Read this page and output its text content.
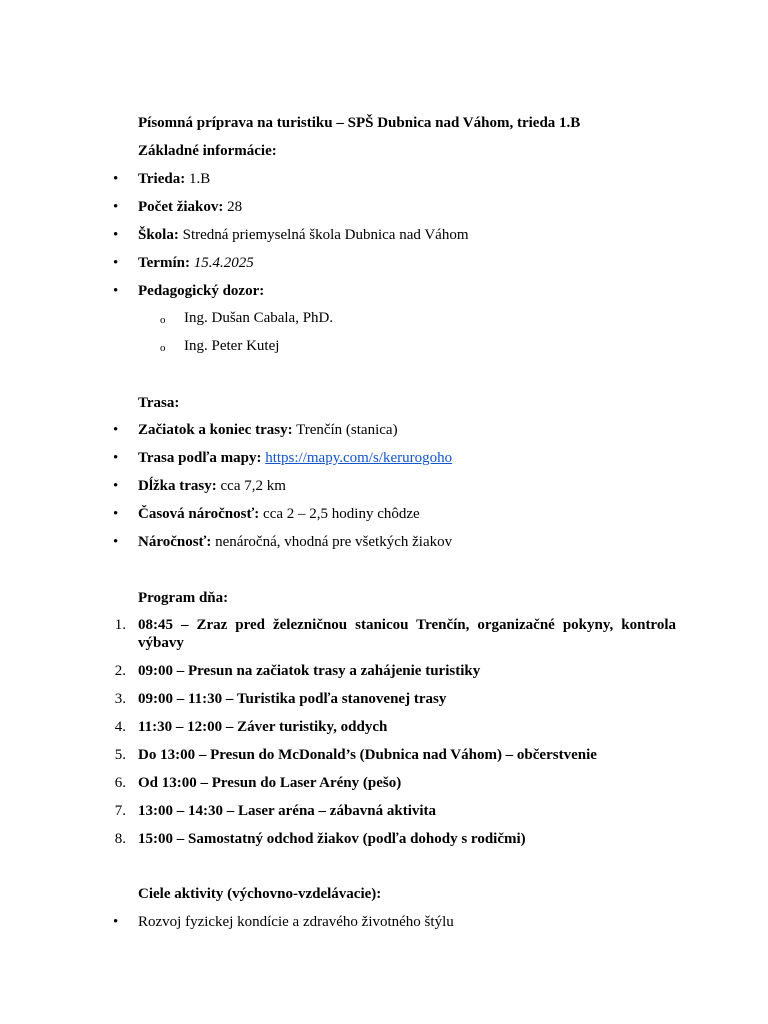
Písomná príprava na turistiku – SPŠ Dubnica nad Váhom, trieda 1.B
Základné informácie:
• Trieda: 1.B
• Počet žiakov: 28
• Škola: Stredná priemyselná škola Dubnica nad Váhom
• Termín: 15.4.2025
• Pedagogický dozor:
o Ing. Dušan Cabala, PhD.
o Ing. Peter Kutej
Trasa:
• Začiatok a koniec trasy: Trenčín (stanica)
• Trasa podľa mapy: https://mapy.com/s/kerurogoho
• Dĺžka trasy: cca 7,2 km
• Časová náročnosť: cca 2 – 2,5 hodiny chôdze
• Náročnosť: nenáročná, vhodná pre všetkých žiakov
Program dňa:
1. 08:45 – Zraz pred železničnou stanicou Trenčín, organizačné pokyny, kontrola výbavy
2. 09:00 – Presun na začiatok trasy a zahájenie turistiky
3. 09:00 – 11:30 – Turistika podľa stanovenej trasy
4. 11:30 – 12:00 – Záver turistiky, oddych
5. Do 13:00 – Presun do McDonald’s (Dubnica nad Váhom) – občerstvenie
6. Od 13:00 – Presun do Laser Arény (pešo)
7. 13:00 – 14:30 – Laser aréna – zábavná aktivita
8. 15:00 – Samostatný odchod žiakov (podľa dohody s rodičmi)
Ciele aktivity (výchovno-vzdelávacie):
• Rozvoj fyzickej kondície a zdravého životného štýlu
